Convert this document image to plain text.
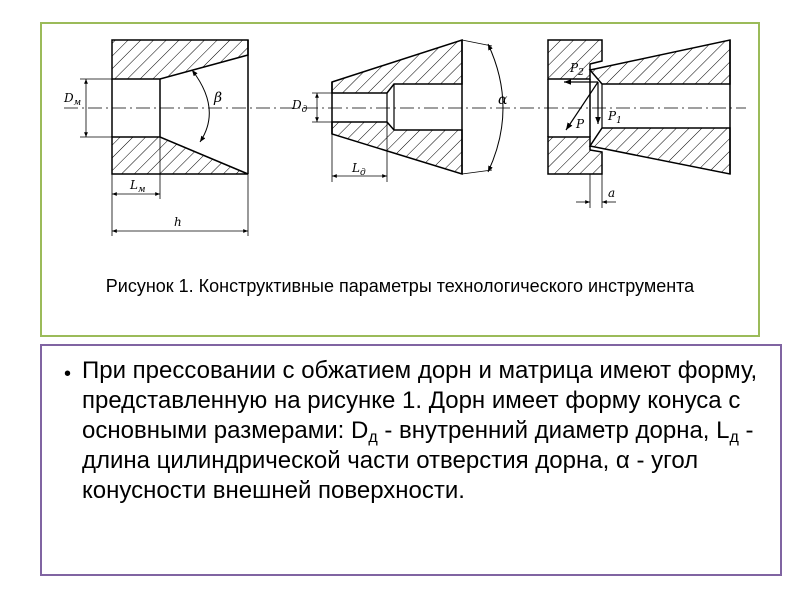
$D_м$
$L_м$
h
β	$D_д$
$L_д$
α
$P_2$
$P_1$
P
a
Рисунок 1. Конструктивные параметры технологического инструмента
• При прессовании с обжатием дорн и матрица имеют форму, представленную на рисунке 1. Дорн имеет форму конуса с основными размерами: $D_д$ - внутренний диаметр дорна, $L_д$ - длина цилиндрической части отверстия дорна, α - угол конусности внешней поверхности.
